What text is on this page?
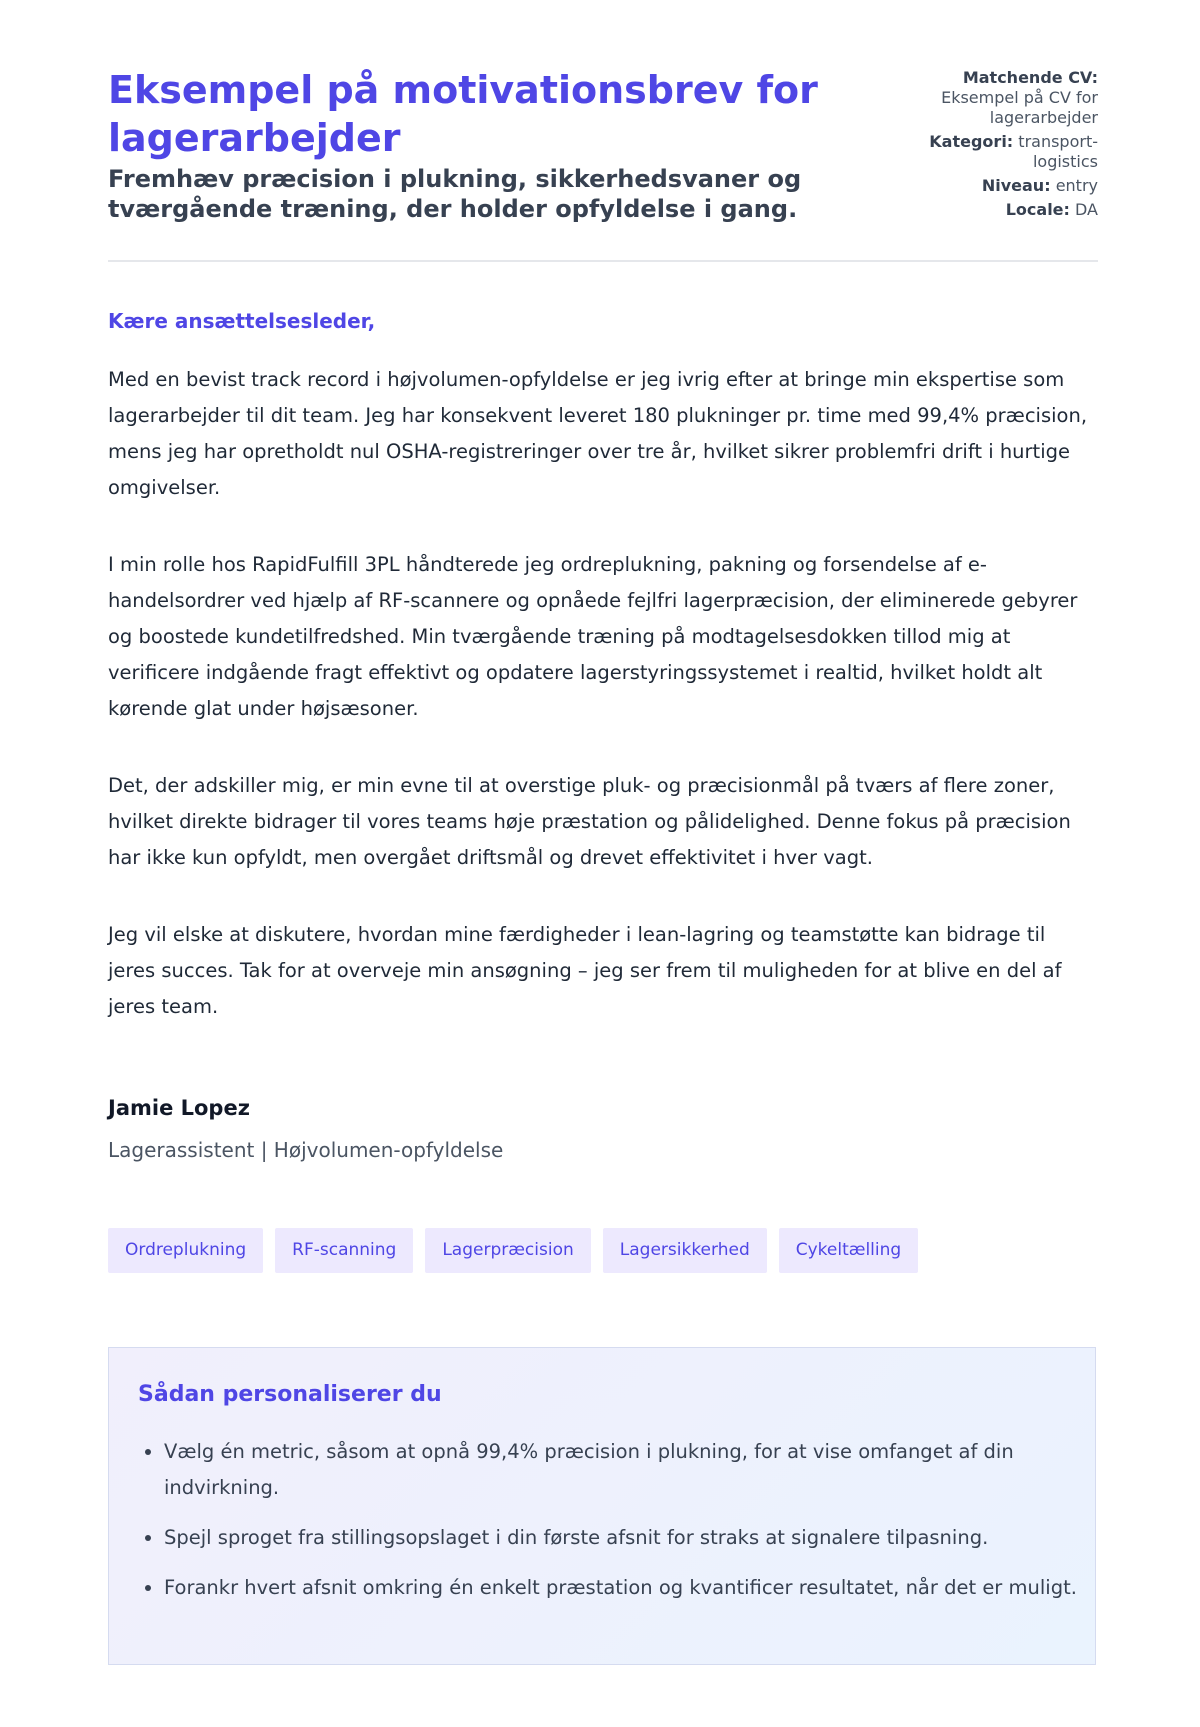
Eksempel på motivationsbrev for lagerarbejder
Fremhæv præcision i plukning, sikkerhedsvaner og tværgående træning, der holder opfyldelse i gang.
Matchende CV:
Eksempel på CV for lagerarbejder
Kategori: transport-logistics
Niveau: entry
Locale: DA

Kære ansættelsesleder,

Med en bevist track record i højvolumen-opfyldelse er jeg ivrig efter at bringe min ekspertise som lagerarbejder til dit team. Jeg har konsekvent leveret 180 plukninger pr. time med 99,4% præcision, mens jeg har opretholdt nul OSHA-registreringer over tre år, hvilket sikrer problemfri drift i hurtige omgivelser.

I min rolle hos RapidFulfill 3PL håndterede jeg ordreplukning, pakning og forsendelse af e-handelsordrer ved hjælp af RF-scannere og opnåede fejlfri lagerpræcision, der eliminerede gebyrer og boostede kundetilfredshed. Min tværgående træning på modtagelsesdokken tillod mig at verificere indgående fragt effektivt og opdatere lagerstyringssystemet i realtid, hvilket holdt alt kørende glat under højsæsoner.

Det, der adskiller mig, er min evne til at overstige pluk- og præcisionmål på tværs af flere zoner, hvilket direkte bidrager til vores teams høje præstation og pålidelighed. Denne fokus på præcision har ikke kun opfyldt, men overgået driftsmål og drevet effektivitet i hver vagt.

Jeg vil elske at diskutere, hvordan mine færdigheder i lean-lagring og teamstøtte kan bidrage til jeres succes. Tak for at overveje min ansøgning – jeg ser frem til muligheden for at blive en del af jeres team.

Jamie Lopez
Lagerassistent | Højvolumen-opfyldelse
Ordreplukning	RF-scanning	Lagerpræcision	Lagersikkerhed	Cykeltælling
Sådan personaliserer du
• Vælg én metric, såsom at opnå 99,4% præcision i plukning, for at vise omfanget af din indvirkning.
• Spejl sproget fra stillingsopslaget i din første afsnit for straks at signalere tilpasning.
• Forankr hvert afsnit omkring én enkelt præstation og kvantificer resultatet, når det er muligt.
